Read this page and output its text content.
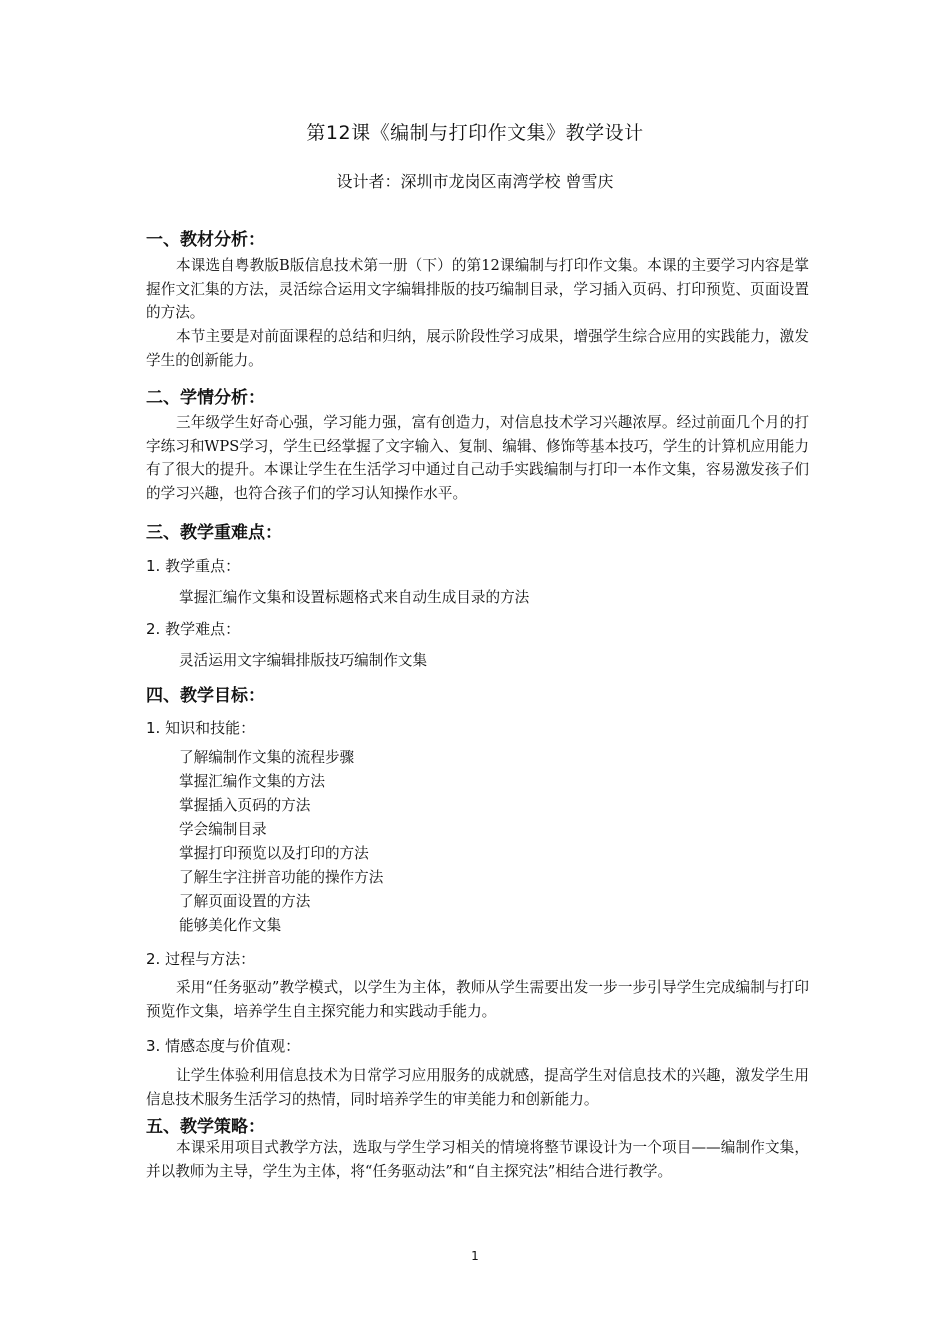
第12课《编制与打印作文集》教学设计
设计者：深圳市龙岗区南湾学校 曾雪庆
一、教材分析：
本课选自粤教版B版信息技术第一册（下）的第12课编制与打印作文集。本课的主要学习内容是掌握作文汇集的方法，灵活综合运用文字编辑排版的技巧编制目录，学习插入页码、打印预览、页面设置的方法。
本节主要是对前面课程的总结和归纳，展示阶段性学习成果，增强学生综合应用的实践能力，激发学生的创新能力。
二、学情分析：
三年级学生好奇心强，学习能力强，富有创造力，对信息技术学习兴趣浓厚。经过前面几个月的打字练习和WPS学习，学生已经掌握了文字输入、复制、编辑、修饰等基本技巧，学生的计算机应用能力有了很大的提升。本课让学生在生活学习中通过自己动手实践编制与打印一本作文集，容易激发孩子们的学习兴趣，也符合孩子们的学习认知操作水平。
三、教学重难点：
1. 教学重点：
掌握汇编作文集和设置标题格式来自动生成目录的方法
2. 教学难点：
灵活运用文字编辑排版技巧编制作文集
四、教学目标：
1. 知识和技能：
了解编制作文集的流程步骤
掌握汇编作文集的方法
掌握插入页码的方法
学会编制目录
掌握打印预览以及打印的方法
了解生字注拼音功能的操作方法
了解页面设置的方法
能够美化作文集
2. 过程与方法：
采用“任务驱动”教学模式，以学生为主体，教师从学生需要出发一步一步引导学生完成编制与打印预览作文集，培养学生自主探究能力和实践动手能力。
3. 情感态度与价值观：
让学生体验利用信息技术为日常学习应用服务的成就感，提高学生对信息技术的兴趣，激发学生用信息技术服务生活学习的热情，同时培养学生的审美能力和创新能力。
五、教学策略：
本课采用项目式教学方法，选取与学生学习相关的情境将整节课设计为一个项目——编制作文集，并以教师为主导，学生为主体，将“任务驱动法”和“自主探究法”相结合进行教学。
1
